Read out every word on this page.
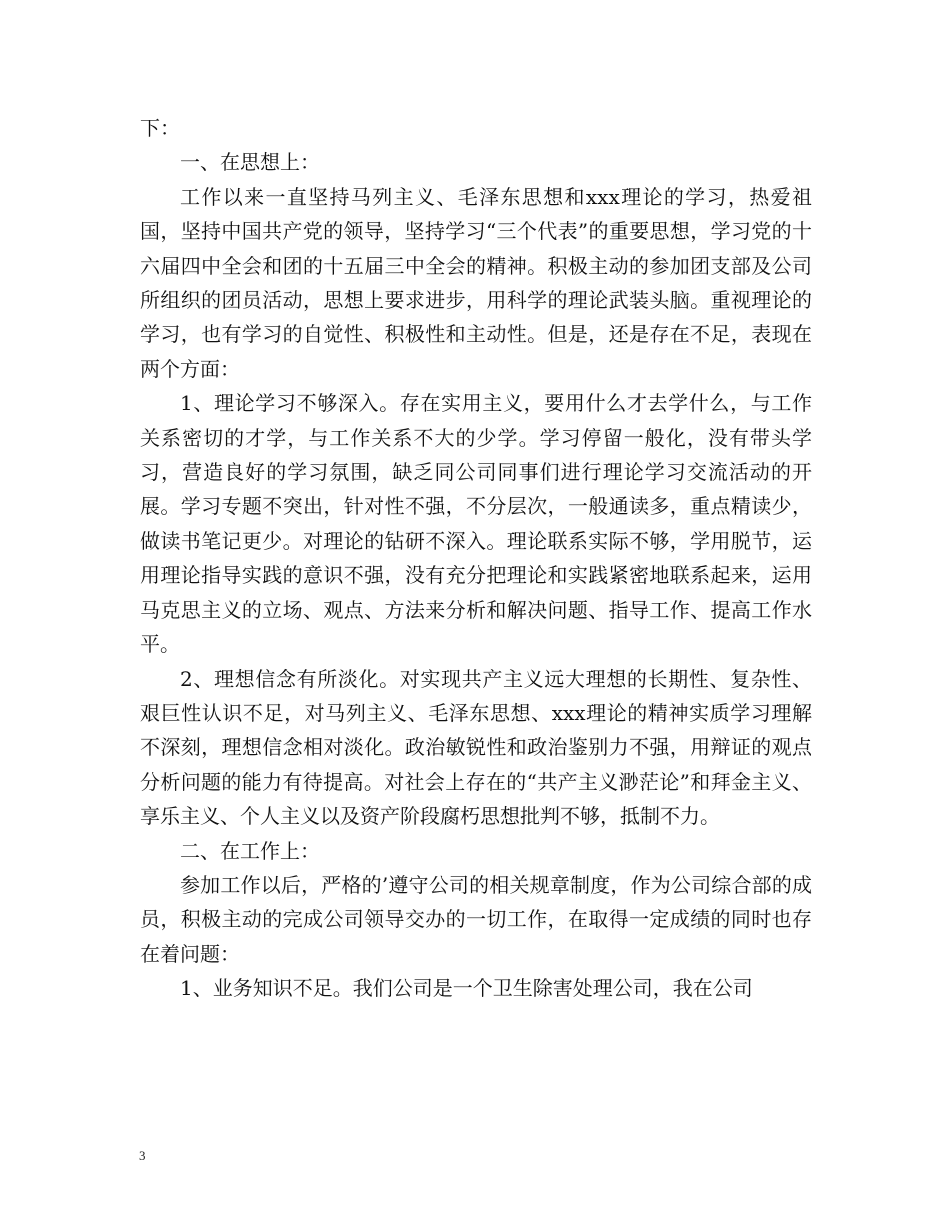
下：

一、在思想上：

工作以来一直坚持马列主义、毛泽东思想和xxx理论的学习，热爱祖国，坚持中国共产党的领导，坚持学习“三个代表”的重要思想，学习党的十六届四中全会和团的十五届三中全会的精神。积极主动的参加团支部及公司所组织的团员活动，思想上要求进步，用科学的理论武装头脑。重视理论的学习，也有学习的自觉性、积极性和主动性。但是，还是存在不足，表现在两个方面：

1、理论学习不够深入。存在实用主义，要用什么才去学什么，与工作关系密切的才学，与工作关系不大的少学。学习停留一般化，没有带头学习，营造良好的学习氛围，缺乏同公司同事们进行理论学习交流活动的开展。学习专题不突出，针对性不强，不分层次，一般通读多，重点精读少，做读书笔记更少。对理论的钻研不深入。理论联系实际不够，学用脱节，运用理论指导实践的意识不强，没有充分把理论和实践紧密地联系起来，运用马克思主义的立场、观点、方法来分析和解决问题、指导工作、提高工作水平。

2、理想信念有所淡化。对实现共产主义远大理想的长期性、复杂性、艰巨性认识不足，对马列主义、毛泽东思想、xxx理论的精神实质学习理解不深刻，理想信念相对淡化。政治敏锐性和政治鉴别力不强，用辩证的观点分析问题的能力有待提高。对社会上存在的“共产主义渺茫论”和拜金主义、享乐主义、个人主义以及资产阶段腐朽思想批判不够，抵制不力。

二、在工作上：

参加工作以后，严格的’遵守公司的相关规章制度，作为公司综合部的成员，积极主动的完成公司领导交办的一切工作，在取得一定成绩的同时也存在着问题：

1、业务知识不足。我们公司是一个卫生除害处理公司，我在公司

3
